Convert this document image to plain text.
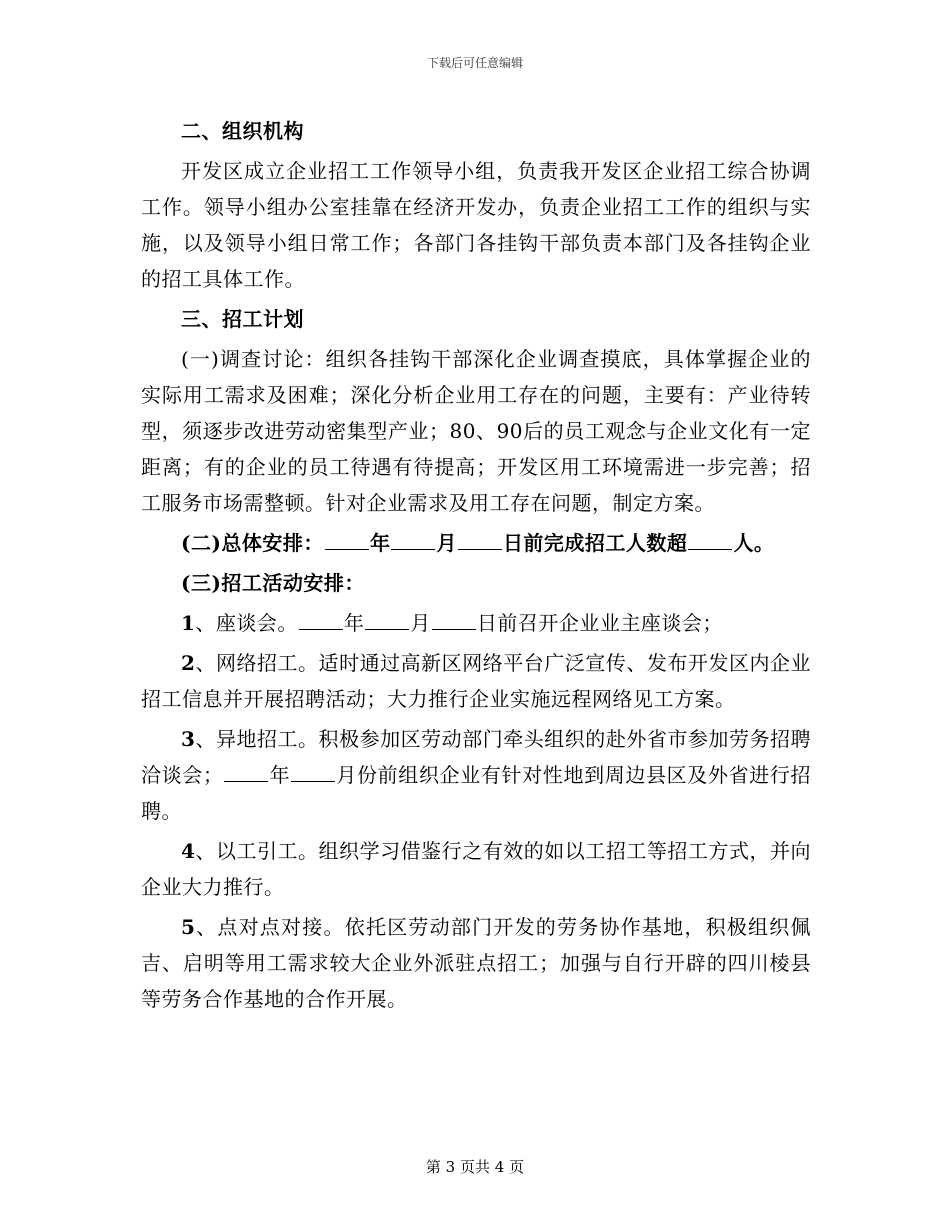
下载后可任意编辑

二、组织机构

开发区成立企业招工工作领导小组，负责我开发区企业招工综合协调工作。领导小组办公室挂靠在经济开发办，负责企业招工工作的组织与实施，以及领导小组日常工作；各部门各挂钩干部负责本部门及各挂钩企业的招工具体工作。

三、招工计划

(一)调查讨论：组织各挂钩干部深化企业调查摸底，具体掌握企业的实际用工需求及困难；深化分析企业用工存在的问题，主要有：产业待转型，须逐步改进劳动密集型产业；80、90后的员工观念与企业文化有一定距离；有的企业的员工待遇有待提高；开发区用工环境需进一步完善；招工服务市场需整顿。针对企业需求及用工存在问题，制定方案。

(二)总体安排： 年 月 日前完成招工人数超 人。

(三)招工活动安排：

1、座谈会。 年 月 日前召开企业业主座谈会；

2、网络招工。适时通过高新区网络平台广泛宣传、发布开发区内企业招工信息并开展招聘活动；大力推行企业实施远程网络见工方案。

3、异地招工。积极参加区劳动部门牵头组织的赴外省市参加劳务招聘洽谈会； 年 月份前组织企业有针对性地到周边县区及外省进行招聘。

4、以工引工。组织学习借鉴行之有效的如以工招工等招工方式，并向企业大力推行。

5、点对点对接。依托区劳动部门开发的劳务协作基地，积极组织佩吉、启明等用工需求较大企业外派驻点招工；加强与自行开辟的四川棱县等劳务合作基地的合作开展。

第 3 页共 4 页
